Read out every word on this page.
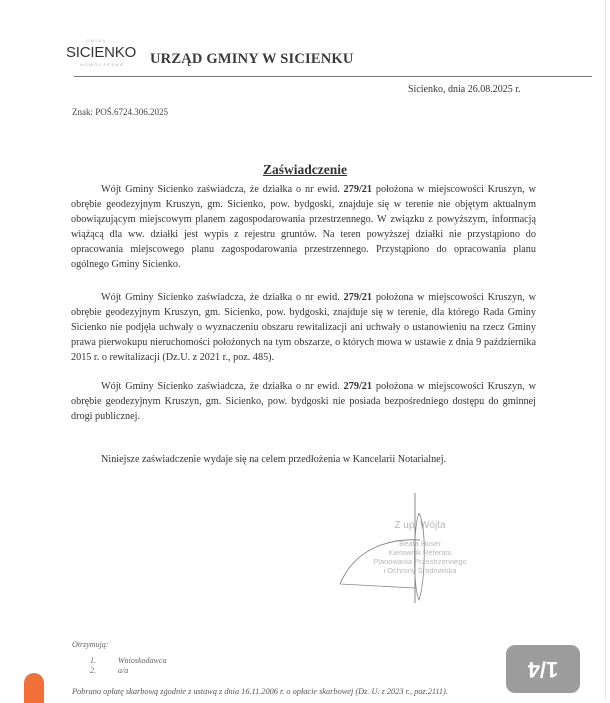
GMINA
SICIENKO
NOWOCZESNA URZĄD GMINY W SICIENKU
Sicienko, dnia 26.08.2025 r.
Znak: POŚ.6724.306.2025
Zaświadczenie
Wójt Gminy Sicienko zaświadcza, że działka o nr ewid. 279/21 położona w miejscowości Kruszyn, w obrębie geodezyjnym Kruszyn, gm. Sicienko, pow. bydgoski, znajduje się w terenie nie objętym aktualnym obowiązującym miejscowym planem zagospodarowania przestrzennego. W związku z powyższym, informacją wiążącą dla ww. działki jest wypis z rejestru gruntów. Na teren powyższej działki nie przystąpiono do opracowania miejscowego planu zagospodarowania przestrzennego. Przystąpiono do opracowania planu ogólnego Gminy Sicienko.
Wójt Gminy Sicienko zaświadcza, że działka o nr ewid. 279/21 położona w miejscowości Kruszyn, w obrębie geodezyjnym Kruszyn, gm. Sicienko, pow. bydgoski, znajduje się w terenie, dla którego Rada Gminy Sicienko nie podjęła uchwały o wyznaczeniu obszaru rewitalizacji ani uchwały o ustanowieniu na rzecz Gminy prawa pierwokupu nieruchomości położonych na tym obszarze, o których mowa w ustawie z dnia 9 października 2015 r. o rewitalizacji (Dz.U. z 2021 r., poz. 485).
Wójt Gminy Sicienko zaświadcza, że działka o nr ewid. 279/21 położona w miejscowości Kruszyn, w obrębie geodezyjnym Kruszyn, gm. Sicienko, pow. bydgoski nie posiada bezpośredniego dostępu do gminnej drogi publicznej.
Niniejsze zaświadczenie wydaje się na celem przedłożenia w Kancelarii Notarialnej.
Z up. Wójta
Beata Hoser
Kierownik Referatu
Planowania Przestrzennego
i Ochrony Środowiska
Otrzymują:
1.	Wnioskodawca
2.	a/a
Pobrano opłatę skarbową zgodnie z ustawą z dnia 16.11.2006 r. o opłacie skarbowej (Dz. U. z 2023 r., poz.2111).
1/4
